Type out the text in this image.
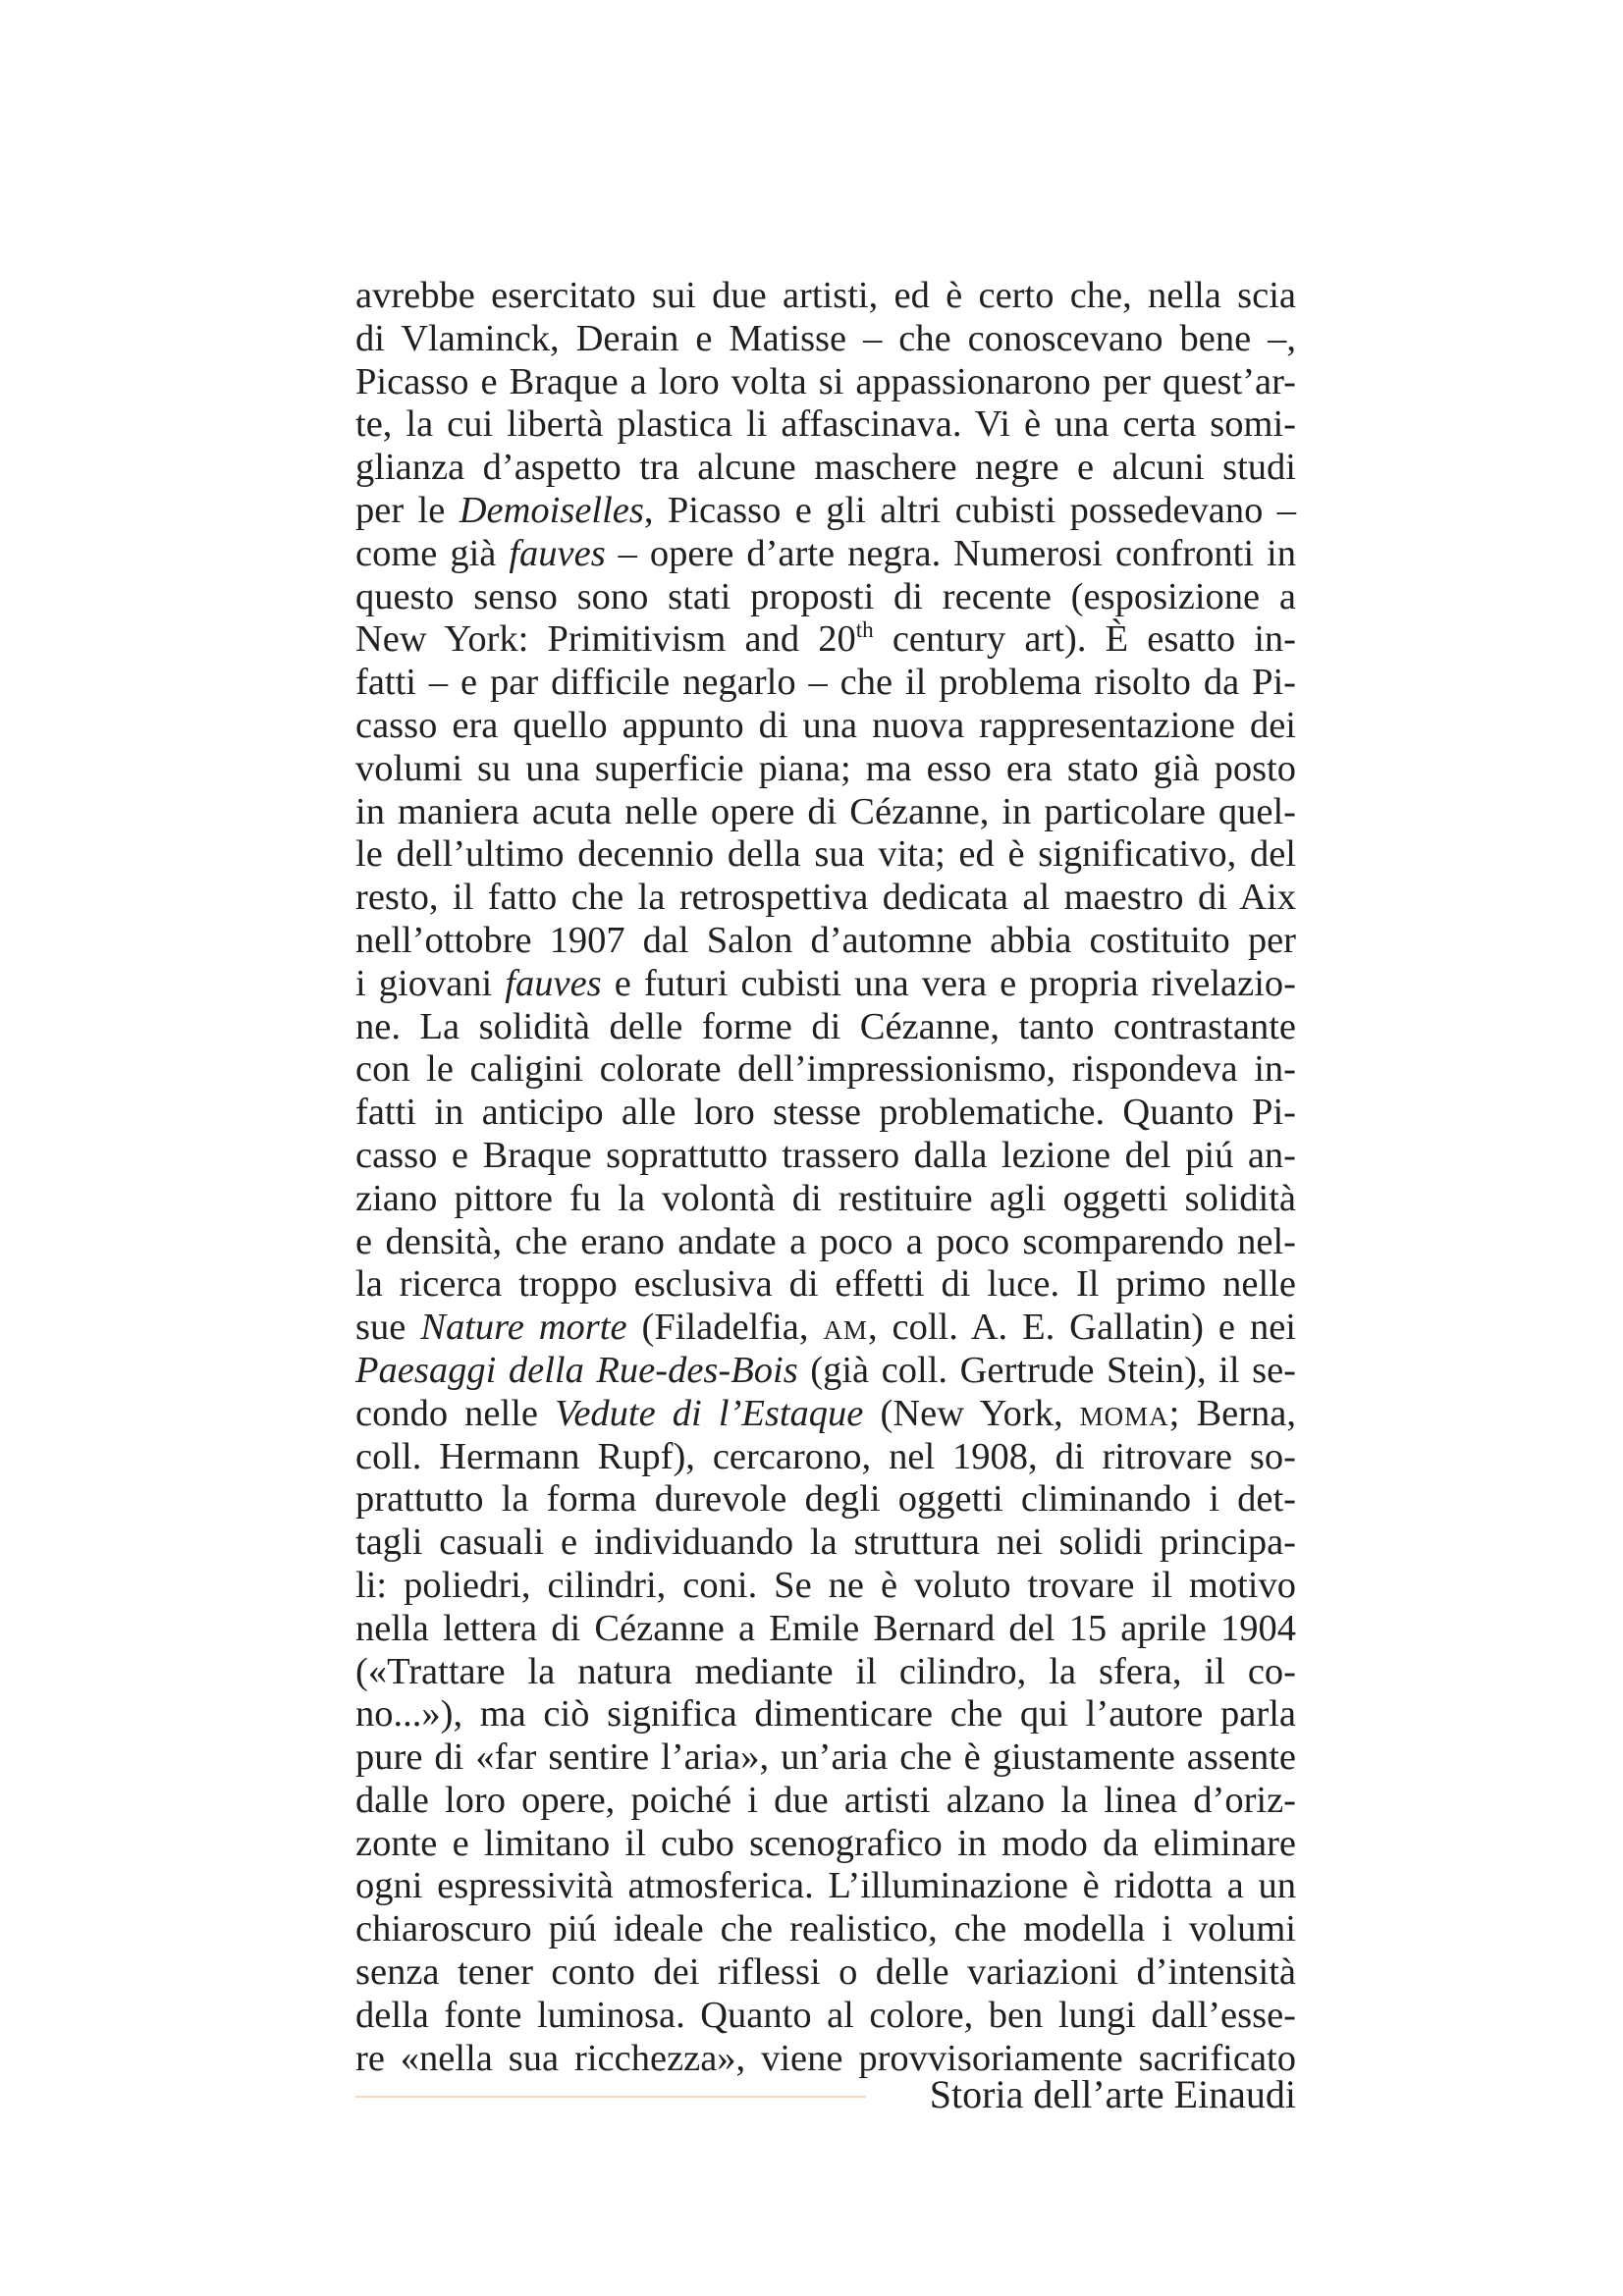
avrebbe esercitato sui due artisti, ed è certo che, nella scia
di Vlaminck, Derain e Matisse – che conoscevano bene –,
Picasso e Braque a loro volta si appassionarono per quest’ar-
te, la cui libertà plastica li affascinava. Vi è una certa somi-
glianza d’aspetto tra alcune maschere negre e alcuni studi
per le Demoiselles, Picasso e gli altri cubisti possedevano –
come già fauves – opere d’arte negra. Numerosi confronti in
questo senso sono stati proposti di recente (esposizione a
New York: Primitivism and 20th century art). È esatto in-
fatti – e par difficile negarlo – che il problema risolto da Pi-
casso era quello appunto di una nuova rappresentazione dei
volumi su una superficie piana; ma esso era stato già posto
in maniera acuta nelle opere di Cézanne, in particolare quel-
le dell’ultimo decennio della sua vita; ed è significativo, del
resto, il fatto che la retrospettiva dedicata al maestro di Aix
nell’ottobre 1907 dal Salon d’automne abbia costituito per
i giovani fauves e futuri cubisti una vera e propria rivelazio-
ne. La solidità delle forme di Cézanne, tanto contrastante
con le caligini colorate dell’impressionismo, rispondeva in-
fatti in anticipo alle loro stesse problematiche. Quanto Pi-
casso e Braque soprattutto trassero dalla lezione del piú an-
ziano pittore fu la volontà di restituire agli oggetti solidità
e densità, che erano andate a poco a poco scomparendo nel-
la ricerca troppo esclusiva di effetti di luce. Il primo nelle
sue Nature morte (Filadelfia, am, coll. A. E. Gallatin) e nei
Paesaggi della Rue-des-Bois (già coll. Gertrude Stein), il se-
condo nelle Vedute di l’Estaque (New York, moma; Berna,
coll. Hermann Rupf), cercarono, nel 1908, di ritrovare so-
prattutto la forma durevole degli oggetti climinando i det-
tagli casuali e individuando la struttura nei solidi principa-
li: poliedri, cilindri, coni. Se ne è voluto trovare il motivo
nella lettera di Cézanne a Emile Bernard del 15 aprile 1904
(«Trattare la natura mediante il cilindro, la sfera, il co-
no...»), ma ciò significa dimenticare che qui l’autore parla
pure di «far sentire l’aria», un’aria che è giustamente assente
dalle loro opere, poiché i due artisti alzano la linea d’oriz-
zonte e limitano il cubo scenografico in modo da eliminare
ogni espressività atmosferica. L’illuminazione è ridotta a un
chiaroscuro piú ideale che realistico, che modella i volumi
senza tener conto dei riflessi o delle variazioni d’intensità
della fonte luminosa. Quanto al colore, ben lungi dall’esse-
re «nella sua ricchezza», viene provvisoriamente sacrificato
Storia dell’arte Einaudi
